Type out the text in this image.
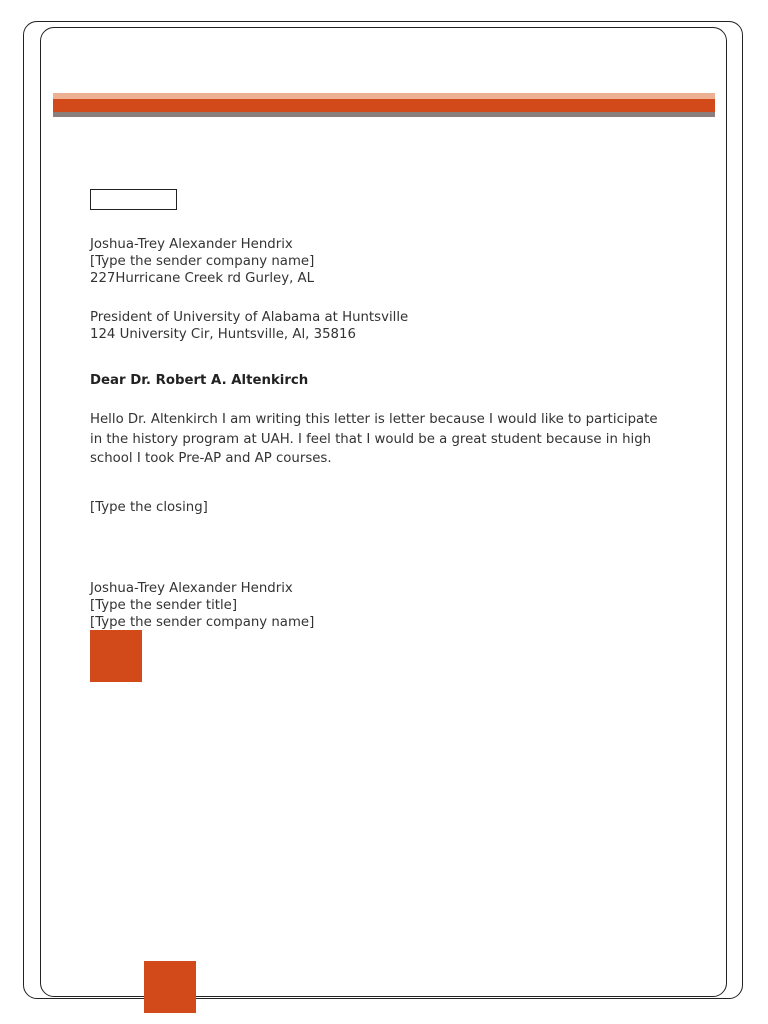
Joshua-Trey Alexander Hendrix
[Type the sender company name]
227Hurricane Creek rd Gurley, AL
President of University of Alabama at Huntsville
124 University Cir, Huntsville, Al, 35816
Dear Dr. Robert A. Altenkirch
Hello Dr. Altenkirch I am writing this letter is letter because I would like to participate in the history program at UAH. I feel that I would be a great student because in high school I took Pre-AP and AP courses.
[Type the closing]
Joshua-Trey Alexander Hendrix
[Type the sender title]
[Type the sender company name]
